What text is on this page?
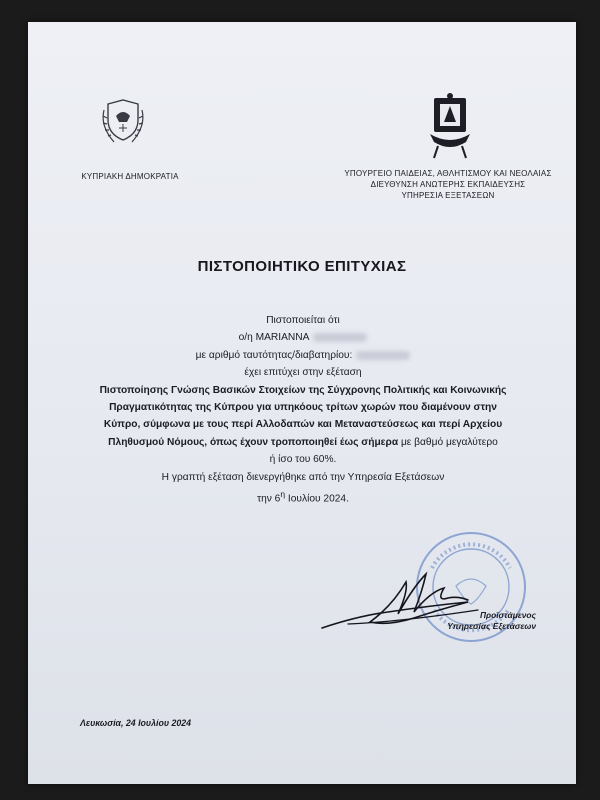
ΚΥΠΡΙΑΚΗ ΔΗΜΟΚΡΑΤΙΑ	ΥΠΟΥΡΓΕΙΟ ΠΑΙΔΕΙΑΣ, ΑΘΛΗΤΙΣΜΟΥ ΚΑΙ ΝΕΟΛΑΙΑΣ
ΔΙΕΥΘΥΝΣΗ ΑΝΩΤΕΡΗΣ ΕΚΠΑΙΔΕΥΣΗΣ
ΥΠΗΡΕΣΙΑ ΕΞΕΤΑΣΕΩΝ
ΠΙΣΤΟΠΟΙΗΤΙΚΟ ΕΠΙΤΥΧΙΑΣ
Πιστοποιείται ότι
ο/η MARIANNA
με αριθμό ταυτότητας/διαβατηρίου:
έχει επιτύχει στην εξέταση
Πιστοποίησης Γνώσης Βασικών Στοιχείων της Σύγχρονης Πολιτικής και Κοινωνικής
Πραγματικότητας της Κύπρου για υπηκόους τρίτων χωρών που διαμένουν στην
Κύπρο, σύμφωνα με τους περί Αλλοδαπών και Μεταναστεύσεως και περί Αρχείου
Πληθυσμού Νόμους, όπως έχουν τροποποιηθεί έως σήμερα με βαθμό μεγαλύτερο
ή ίσο του 60%.
Η γραπτή εξέταση διενεργήθηκε από την Υπηρεσία Εξετάσεων
την $6^\eta$ Ιουλίου 2024.
Προϊστάμενος
Υπηρεσίας Εξετάσεων
Λευκωσία, 24 Ιουλίου 2024
